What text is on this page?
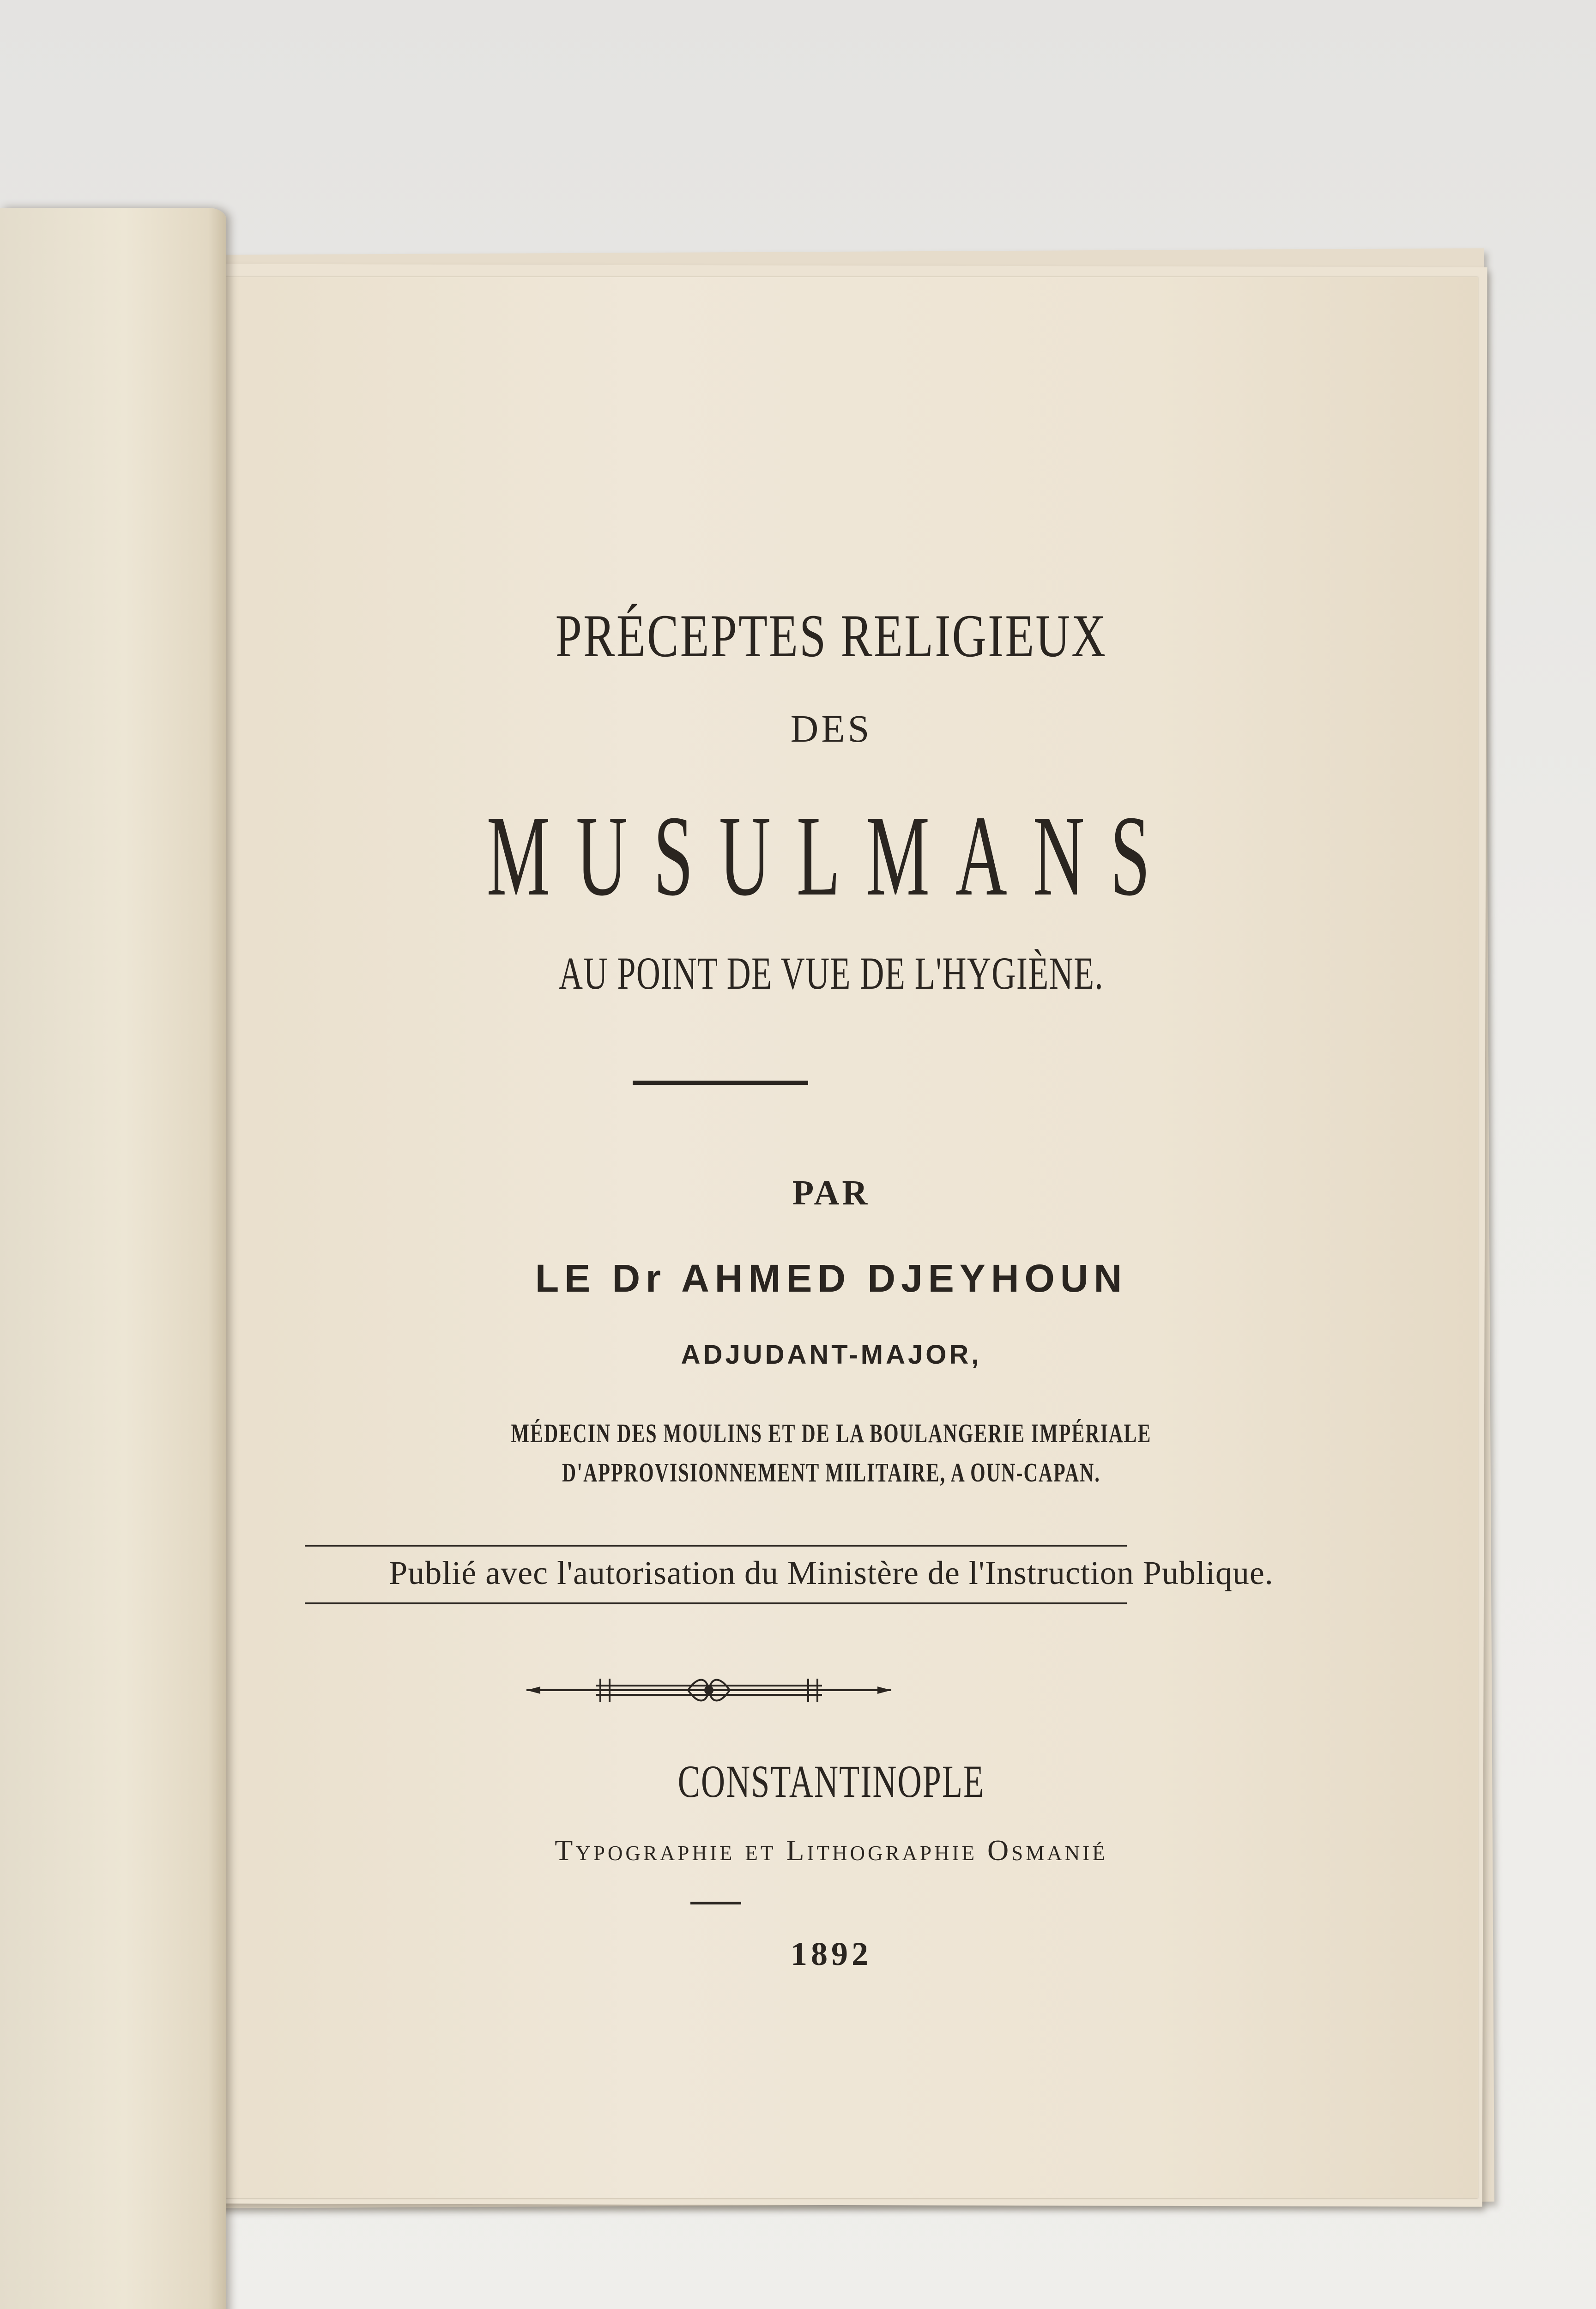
PRÉCEPTES RELIGIEUX
DES
MUSULMANS
AU POINT DE VUE DE L'HYGIÈNE.
PAR
LE Dr AHMED DJEYHOUN
ADJUDANT-MAJOR,
MÉDECIN DES MOULINS ET DE LA BOULANGERIE IMPÉRIALE
D'APPROVISIONNEMENT MILITAIRE, A OUN-CAPAN.
Publié avec l'autorisation du Ministère de l'Instruction Publique.
CONSTANTINOPLE
Typographie et Lithographie Osmanié
1892
